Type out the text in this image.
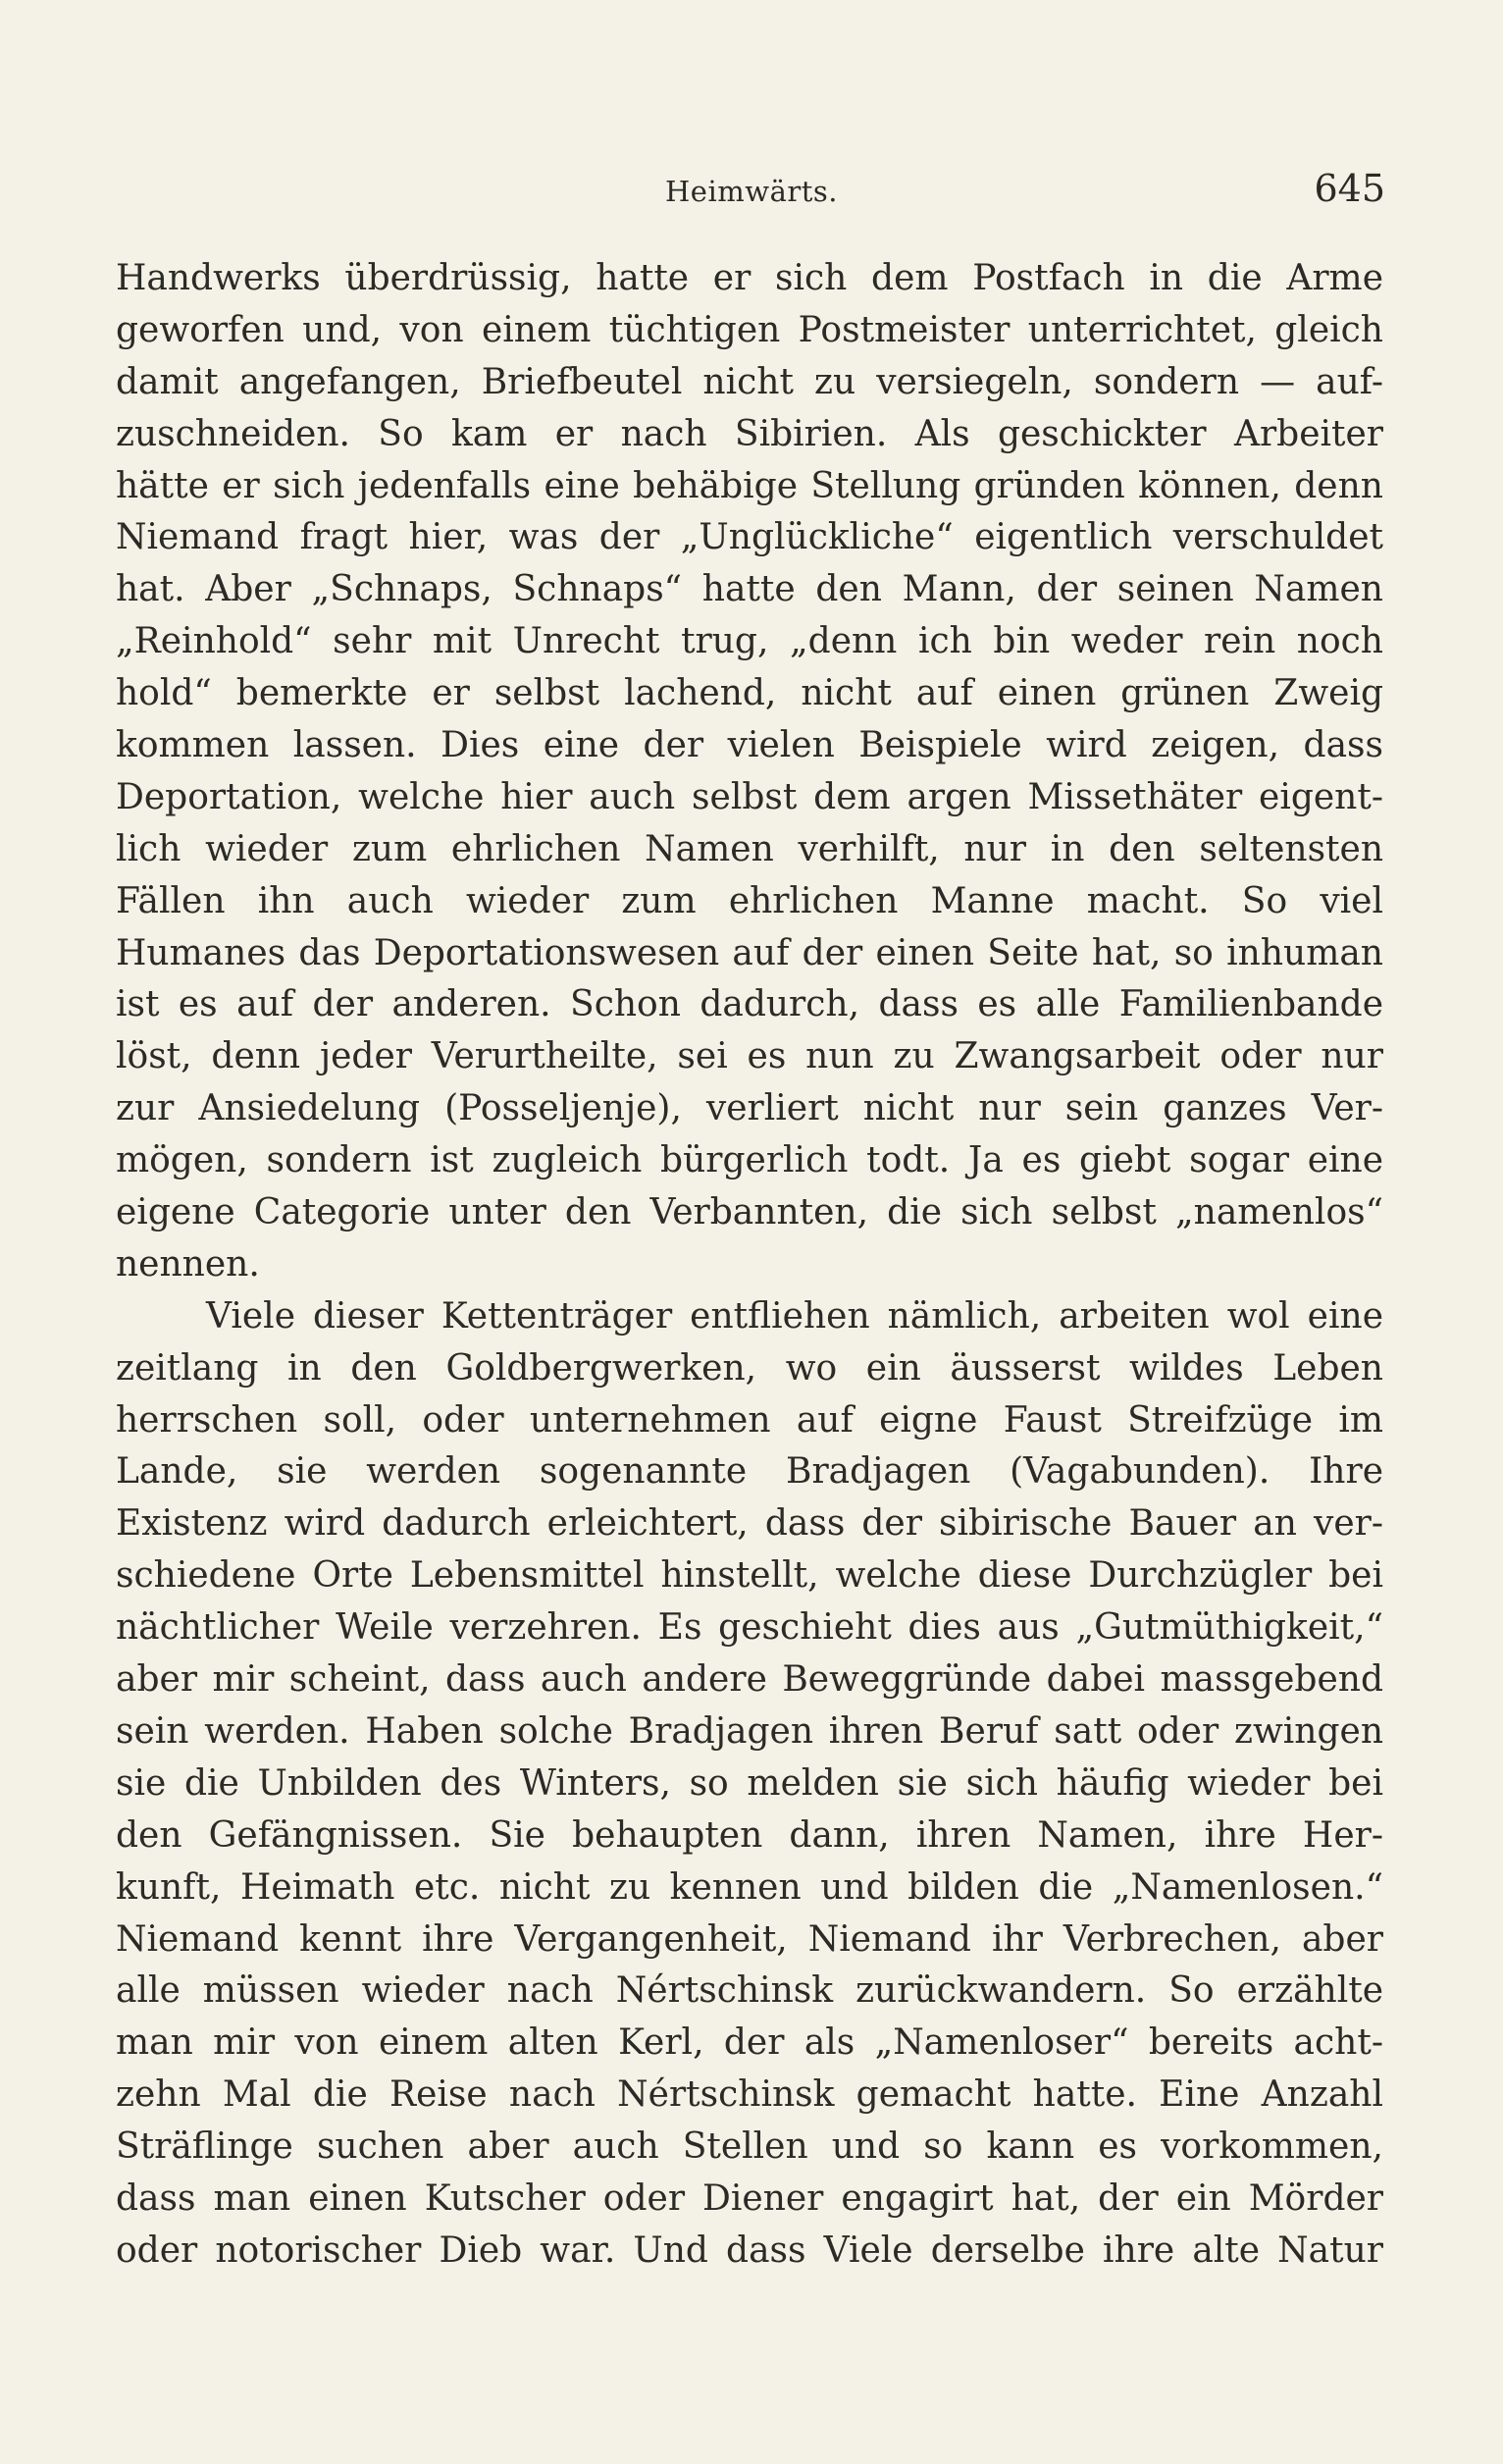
Heimwärts.	645
Handwerks überdrüssig, hatte er sich dem Postfach in die Arme
geworfen und, von einem tüchtigen Postmeister unterrichtet, gleich
damit angefangen, Briefbeutel nicht zu versiegeln, sondern — auf-
zuschneiden. So kam er nach Sibirien. Als geschickter Arbeiter
hätte er sich jedenfalls eine behäbige Stellung gründen können, denn
Niemand fragt hier, was der „Unglückliche“ eigentlich verschuldet
hat. Aber „Schnaps, Schnaps“ hatte den Mann, der seinen Namen
„Reinhold“ sehr mit Unrecht trug, „denn ich bin weder rein noch
hold“ bemerkte er selbst lachend, nicht auf einen grünen Zweig
kommen lassen. Dies eine der vielen Beispiele wird zeigen, dass
Deportation, welche hier auch selbst dem argen Missethäter eigent-
lich wieder zum ehrlichen Namen verhilft, nur in den seltensten
Fällen ihn auch wieder zum ehrlichen Manne macht. So viel
Humanes das Deportationswesen auf der einen Seite hat, so inhuman
ist es auf der anderen. Schon dadurch, dass es alle Familienbande
löst, denn jeder Verurtheilte, sei es nun zu Zwangsarbeit oder nur
zur Ansiedelung (Posseljenje), verliert nicht nur sein ganzes Ver-
mögen, sondern ist zugleich bürgerlich todt. Ja es giebt sogar eine
eigene Categorie unter den Verbannten, die sich selbst „namenlos“
nennen.
Viele dieser Kettenträger entfliehen nämlich, arbeiten wol eine
zeitlang in den Goldbergwerken, wo ein äusserst wildes Leben
herrschen soll, oder unternehmen auf eigne Faust Streifzüge im
Lande, sie werden sogenannte Bradjagen (Vagabunden). Ihre
Existenz wird dadurch erleichtert, dass der sibirische Bauer an ver-
schiedene Orte Lebensmittel hinstellt, welche diese Durchzügler bei
nächtlicher Weile verzehren. Es geschieht dies aus „Gutmüthigkeit,“
aber mir scheint, dass auch andere Beweggründe dabei massgebend
sein werden. Haben solche Bradjagen ihren Beruf satt oder zwingen
sie die Unbilden des Winters, so melden sie sich häufig wieder bei
den Gefängnissen. Sie behaupten dann, ihren Namen, ihre Her-
kunft, Heimath etc. nicht zu kennen und bilden die „Namenlosen.“
Niemand kennt ihre Vergangenheit, Niemand ihr Verbrechen, aber
alle müssen wieder nach Nértschinsk zurückwandern. So erzählte
man mir von einem alten Kerl, der als „Namenloser“ bereits acht-
zehn Mal die Reise nach Nértschinsk gemacht hatte. Eine Anzahl
Sträflinge suchen aber auch Stellen und so kann es vorkommen,
dass man einen Kutscher oder Diener engagirt hat, der ein Mörder
oder notorischer Dieb war. Und dass Viele derselbe ihre alte Natur
